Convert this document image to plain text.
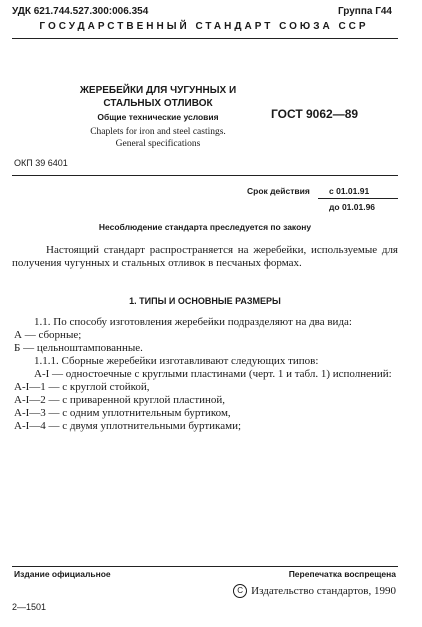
УДК 621.744.527.300:006.354	Группа Г44
ГОСУДАРСТВЕННЫЙ СТАНДАРТ СОЮЗА ССР
ЖЕРЕБЕЙКИ ДЛЯ ЧУГУННЫХ И
СТАЛЬНЫХ ОТЛИВОК
Общие технические условия
Chaplets for iron and steel castings.
General specifications
ГОСТ 9062—89
ОКП 39 6401
Срок действия с 01.01.91
до 01.01.96
Несоблюдение стандарта преследуется по закону
Настоящий стандарт распространяется на жеребейки, используемые для получения чугунных и стальных отливок в песчаных формах.
1. ТИПЫ И ОСНОВНЫЕ РАЗМЕРЫ

1.1. По способу изготовления жеребейки подразделяют на два вида:

А — сборные;

Б — цельноштампованные.

1.1.1. Сборные жеребейки изготавливают следующих типов:

А-I — одностоечные с круглыми пластинами (черт. 1 и табл. 1) исполнений:

А-I—1 — с круглой стойкой,

А-I—2 — с приваренной круглой пластиной,

А-I—3 — с одним уплотнительным буртиком,

А-I—4 — с двумя уплотнительными буртиками;

Издание официальное	Перепечатка воспрещена
C Издательство стандартов, 1990
2—1501
